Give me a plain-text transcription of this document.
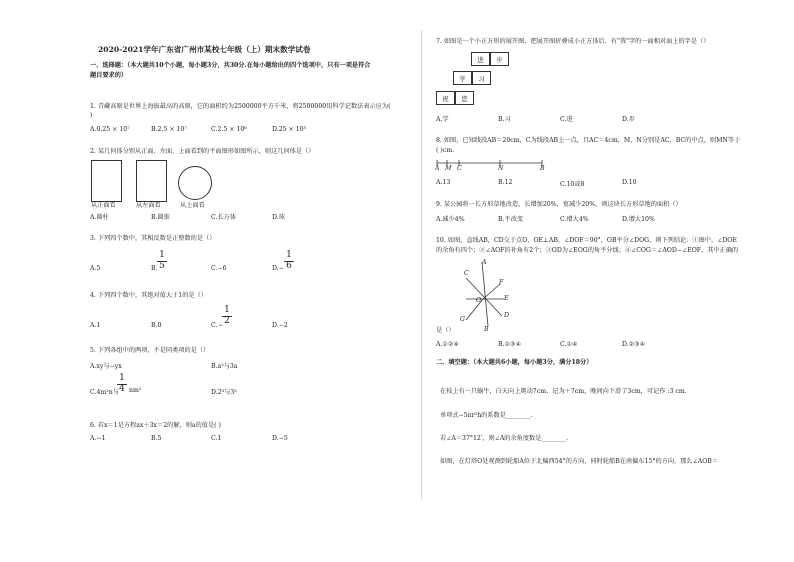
2020-2021学年广东省广州市某校七年级（上）期末数学试卷
一、选择题：（本大题共10个小题，每小题3分，共30分.在每小题给出的四个选项中，只有一项是符合
题目要求的）
1. 青藏高原是世界上海拔最高的高原，它的面积约为2500000平方千米，将2500000用科学记数法表示应为(
)
A.0.25 × 10⁷	B.2.5 × 10⁷	C.2.5 × 10⁶	D.25 × 10⁵
2. 某几何体分别从正面、左面、上面看到的平面图形如图所示，则这几何体是（）
从正面看	从左面看	从上面看
A.圆柱	B.圆锥	C.长方体	D.球
3. 下列四个数中，其相反数是正整数的是（）
A.5	B.
1
5	C.−6	D. −
1
6
4. 下列四个数中，其绝对值大于1的是（）
A.1	B.0	C. −
1
2	D.−2
5. 下列各组中的两项，不是同类项的是（）
A.xy与−yx	B.a²与3a
C.4m²n与
1
4 nm²	D.2³与3²
6. 若x＝1是方程ax＋3x＝2的解，则a的值是( )
A.−1	B.5	C.1	D.−5
7. 如图是一个小正方形的展开图，把展开图折叠成小正方体后，有"我"字的一面相对面上的字是（）
进	步
学	习
祝	您
A.学	B.习	C.进	D.步
8. 如图，已知线段AB＝20cm，C为线段AB上一点，且AC＝4cm，M，N分别是AC，BC的中点，则MN等于
( )cm.
A M C	N	B
A.13	B.12	C.10或8	D.10
9. 某公园将一长方形草地改造，长增加20%，宽减少20%，则这块长方形草地的面积（）
A.减少4%	B.不改变	C.增大4%	D.增大10%
10. 如图，直线AB，CD交于点O，OE⊥AB，∠DOF＝90°，OB平分∠DOG，则下列结论：①图中，∠DOE
的余角有四个；②∠AOF的补角有2个；③OD为∠EOG的角平分线；④∠COG＝∠AOD−∠EOF，其中正确的
A
C
F
E
D
B
G
O
是（）
A.①②④	B.①③④	C.①④	D.②③④
二、填空题：（本大题共6小题，每小题3分，满分18分）
在枝上有一只蜗牛，白天向上爬动7cm，记为＋7cm，晚间向下滑了3cm，可记作 :3 cm.
单项式−5πr²h的系数是________.
若∠A＝37°12′，则∠A的余角度数是________.
如图，在灯塔O处观测到轮船A位于北偏西54°的方向，同时轮船B在南偏东15°的方向，那么∠AOB＝
